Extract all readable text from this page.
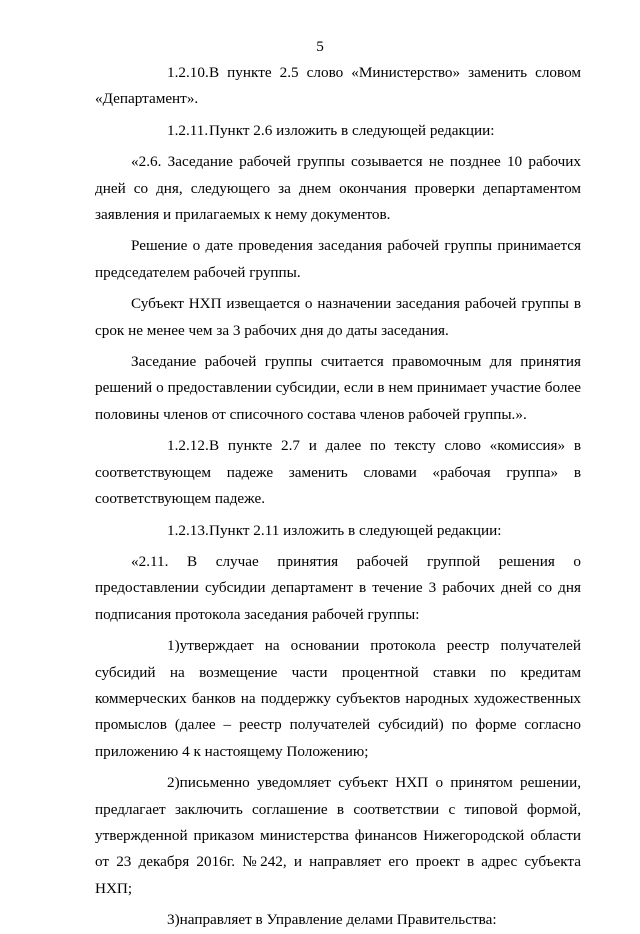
5

1.2.10.В пункте 2.5 слово «Министерство» заменить словом «Департамент».

1.2.11.Пункт 2.6 изложить в следующей редакции:

«2.6. Заседание рабочей группы созывается не позднее 10 рабочих дней со дня, следующего за днем окончания проверки департаментом заявления и прилагаемых к нему документов.

Решение о дате проведения заседания рабочей группы принимается председателем рабочей группы.

Субъект НХП извещается о назначении заседания рабочей группы в срок не менее чем за 3 рабочих дня до даты заседания.

Заседание рабочей группы считается правомочным для принятия решений о предоставлении субсидии, если в нем принимает участие более половины членов от списочного состава членов рабочей группы.».

1.2.12.В пункте 2.7 и далее по тексту слово «комиссия» в соответствующем падеже заменить словами «рабочая группа» в соответствующем падеже.

1.2.13.Пункт 2.11 изложить в следующей редакции:

«2.11. В случае принятия рабочей группой решения о предоставлении субсидии департамент в течение 3 рабочих дней со дня подписания протокола заседания рабочей группы:

1)утверждает на основании протокола реестр получателей субсидий на возмещение части процентной ставки по кредитам коммерческих банков на поддержку субъектов народных художественных промыслов (далее – реестр получателей субсидий) по форме согласно приложению 4 к настоящему Положению;

2)письменно уведомляет субъект НХП о принятом решении, предлагает заключить соглашение в соответствии с типовой формой, утвержденной приказом министерства финансов Нижегородской области от 23 декабря 2016г. №242, и направляет его проект в адрес субъекта НХП;

3)направляет в Управление делами Правительства:
